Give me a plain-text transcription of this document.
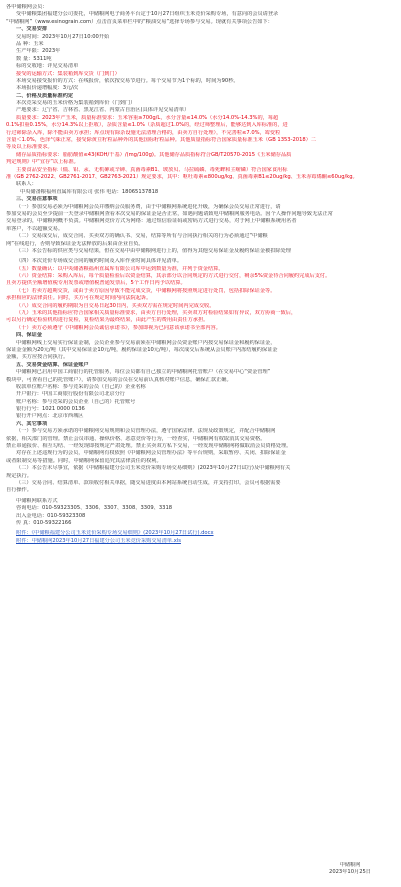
各中储粮网会员：
受中储粮集团福建分公司委托，中储粮网电子商务平台定于10月27日组织玉米竞价采购专场，有意向的会员请登录
“中储粮网”（www.esinograin.com）点击首页菜单栏中的“粮油交易”选择专场参与交易。现就有关事项公告如下：
一、交易安排
交易时间：2023年10月27日10:00开始
品 种：玉米
生产年限：2023年
数 量：5311吨
标的交收地：详见交易清单
接受的运输方式：集装箱到库交货（门到门）
本场交易接受报价的方式：在线报价，依次按交易节进行。每个交易节为1个标的，时间为90秒。
本场报价递增幅度：3元/次
二、价格及质量标准约定
本次竞采交易的玉米价格为集装箱到库价（门到门）
产地要求：辽宁省、吉林省、黑龙江省、内蒙古自治区(具体详见交易清单）
质量要求：2023年产玉米，质量标准要求：玉米容重≥700g/L，水分含量≤14.0%（水分14.0%-14.3%的，每超
0.1%扣重0.15%，水分14.3%以上拒收），杂质含量≤1.0%（杂质超过1.0%的，经过筛整理后，能够达到入库标准的，进
行过筛除杂入库，除不能由卖方承担；库点现有除杂设施无法清理合格的，由卖方自行处理），不完善粒≤7.0%，霉变粒
含量＜1.0%，色泽气味正常，接受除黄豆籽粒品种外的其他国标籽粒品种。其他质量指标符合国家质量标准玉米（GB 1353-2018）二
等及以上标准要求。
储存品质指标要求：脂肪酸值≤43(KOH/干基）/(mg/100g)。其他储存品质指标符合GB/T20570-2015《玉米储存品质
判定规则》中“宜存”以上标准。
主要食品安全指标（僵、铅、汞、无机砷或辛砷、真菌毒素B1、玻放贝、马拉硫磷、毒死蜱和主嘧磷）符合国家食用标
准（GB 2762-2022、GB2761-2017、GB2763-2021）规定要求，其中：呕吐毒素≤800ug/kg、真菌毒素B1≤20ug/kg、玉米赤霉烯酮≤60ug/kg。
联系人：
中央储备粮福州直属库有限公司 张伟 电话：18065137818
三、交易注意事项
（一）参加交易必须为中储粮网会员并缴纳会员服务费，由于中储粮网系统进化升级，为确保会员交易正常进行，请
参加交易的会员至少提前一天登录中储粮网查看本次交易的保证金是否正常，如遇问题请致电中储粮网服务电话。因个人操作问题导致无法正常
交易登录的，中储粮网概不负责。中储粮网竞价方式为网络：通过短信验证码或密码方式进行交易，对于网上中储粮系统用名者
单客户，不以超额交易。
（二）交易成交后，成交合同、买卖双方的确认书、交易，结算等所有与合同执行相关的行为必须通过“中储粮
网”在线进行，否则导致保证金无法释放的后果由企业自负。
（三）本公告标的供应类与交易结果，但在交易中由中储粮网进行上的，值得为其他交易保证金及履约保证金被扣除处理
（四）本次竞价专场成交合同的履约时间及入库作业时间具体详见清单。
（五）数量确认：以中央储备粮福州直属库有限公司库中运到数量为准，并列于资金结算。
（六）资金结算：采购入库后，每个质量检验后以资金结算，其余部分以合同规定的方式进行交付，剩余5%资金待合同履约完成后支付。
且卖方提供全额增值税专用发票或增值税普通发票后，5个工作日内予以结算。
（七）若卖方超期交货，或由于卖方原因导致不能完成交货，中储粮网将按照规定进行处罚，包括扣除保证金等。
承担相应的法律责任。同时，买方可在规定时间内向法院起诉。
（八）成交合同的履约期限为自交易日起30日内，买卖双方需在规定时间内完成交收。
（九）玉米的其他指标应符合国家相关质量标准要求，由卖方自行处理，买卖双方对检验结果如有异议，双方协商一致后，
可以另行确定检验机构进行复检，复检结果为最终结果，由此产生的费用由责任方承担。
（十）卖方必须遵守《中储粮网会员诚信承诺书》，参加即视为已同意该承诺书全部内容。
四、保证金
中储粮网线上交易实行保证金制，会员企业参与交易前须在中储粮网会员资金账户内按交易保证金和履约保证金，
保证金金额为20元/吨（其中交易保证金10元/吨，履约保证金10元/吨），每次成交后系统从会员账户内冻结履约保证金
金额，买方应按合同执行。
五、交易资金结算、保证金账户
中储粮网已启用中国工商银行的托管服务，每位会员都有自己独立的中储粮网托管账户（在交易中心“资金管理”
模块中，可查看自己的托管账户），请参加交易的会员在交易前认真核对账户信息，确保汇款正确。
收款单位账户名称：参与竞采的会员（自己的）企业名称
开户银行：中国工商银行股份有限公司北京分行
账户名称：参与竞采的会员企业（自己的）托管账号
银行行号：1021 0000 0136
银行开户网点：北京市西城区
六、其它事项
（一）参与交易方须承诺的中储粮网交易规则和会员管理办法，遵守国家法律、法规及政策规定，并配合中储粮网
依据，相关部门的管理。禁止会员串通、操纵价格、恶意竞价等行为，一经查实，中储粮网有权取消其交易资格。
禁止串通报价、相互勾结、一经发现即按规定严肃处理。禁止买卖双方私下交易，一经发现中储粮网将做取消会员资格处理。
对存在上述违规行为的会员，中储粮网有权依照《中储粮网会员管理办法》等平台规则，采取暂停、关闭、扣除保证金
或者限制交易等措施。同时，中储粮网保留追究其法律责任的权利。
（二）本公告未尽事宜，依据《中储粮福建分公司玉米竞价采购专场交易细则》(2023年10月27日试行)及中储粮网有关
规定执行。
（三）交易合同、结算清单、款项收付相关单据，随交易进度由本网站系统自动生成，并支持打印，会员可根据需要
自行操作。
中储粮网联系方式
咨询电话：010-59323305、3306、3307、3308、3309、3318
出入金电话：010-59323308
传 真：010-59322166
附件：《中储粮福建分公司玉米竞价采购专场交易细则》(2023年10月27日试行).docx
附件：中储粮网2023年10月27日福建分公司玉米竞价采购交易清单.xls
中储粮网
2023年10月25日
